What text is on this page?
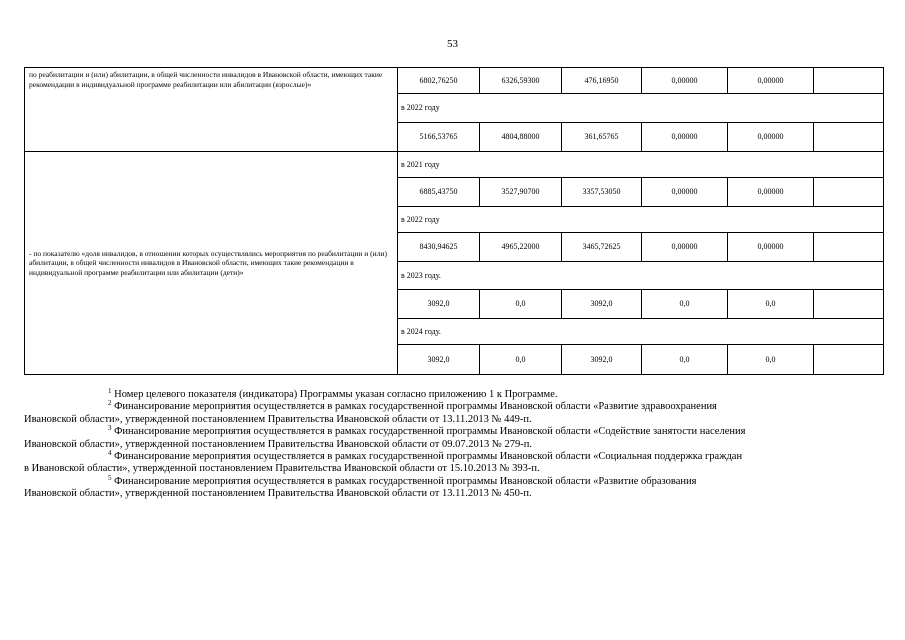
53
по реабилитации и (или) абилитации, в общей численности инвалидов в Ивановской области, имеющих такие рекомендации в индивидуальной программе реабилитации или абилитации (взрослые)»	6802,76250	6326,59300	476,16950	0,00000	0,00000	
	в 2022 году					
	5166,53765	4804,88000	361,65765	0,00000	0,00000	
- по показателю «доля инвалидов, в отношении которых осуществлялись мероприятия по реабилитации и (или) абилитации, в общей численности инвалидов в Ивановской области, имеющих такие рекомендации в индивидуальной программе реабилитации или абилитации (дети)»	в 2021 году					
	6885,43750	3527,90700	3357,53050	0,00000	0,00000	
	в 2022 году					
	8430,94625	4965,22000	3465,72625	0,00000	0,00000	
	в 2023 году.					
	3092,0	0,0	3092,0	0,0	0,0	
	в 2024 году.					
	3092,0	0,0	3092,0	0,0	0,0	

$^1$ Номер целевого показателя (индикатора) Программы указан согласно приложению 1 к Программе.

$^2$ Финансирование мероприятия осуществляется в рамках государственной программы Ивановской области «Развитие здравоохранения

Ивановской области», утвержденной постановлением Правительства Ивановской области от 13.11.2013 № 449-п.

$^3$ Финансирование мероприятия осуществляется в рамках государственной программы Ивановской области «Содействие занятости населения

Ивановской области», утвержденной постановлением Правительства Ивановской области от 09.07.2013 № 279-п.

$^4$ Финансирование мероприятия осуществляется в рамках государственной программы Ивановской области «Социальная поддержка граждан

в Ивановской области», утвержденной постановлением Правительства Ивановской области от 15.10.2013 № 393-п.

$^5$ Финансирование мероприятия осуществляется в рамках государственной программы Ивановской области «Развитие образования

Ивановской области», утвержденной постановлением Правительства Ивановской области от 13.11.2013 № 450-п.
